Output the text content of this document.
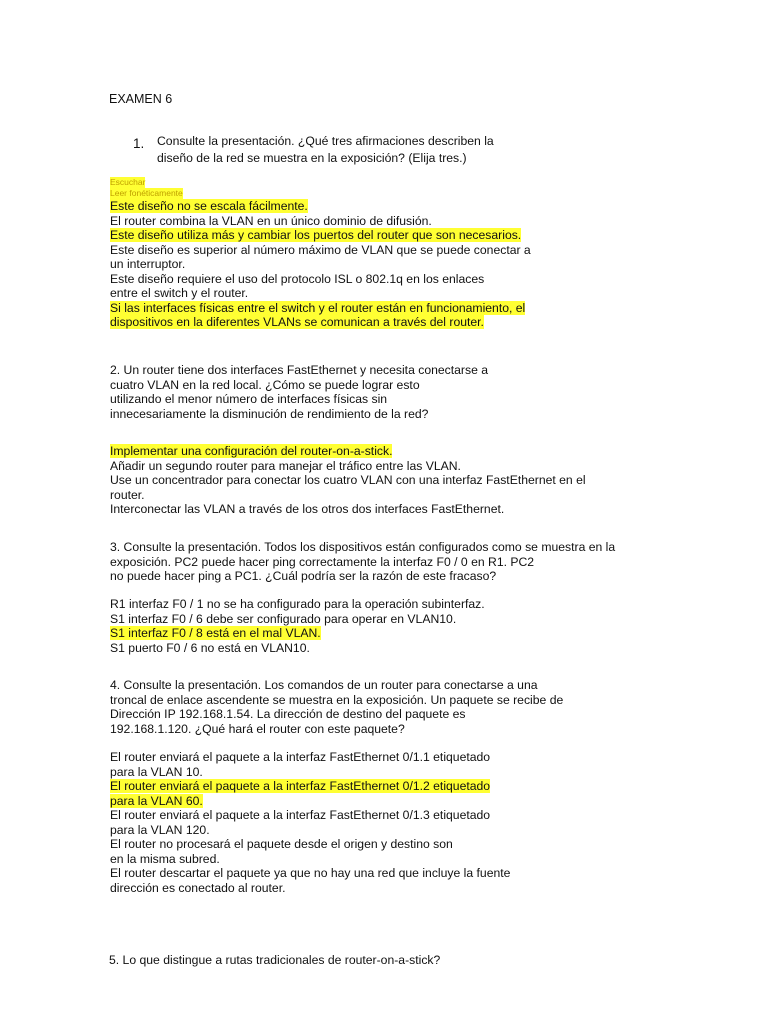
EXAMEN 6
1. Consulte la presentación. ¿Qué tres afirmaciones describen la
diseño de la red se muestra en la exposición? (Elija tres.)
Escuchar
Leer fonéticamente
Este diseño no se escala fácilmente.
El router combina la VLAN en un único dominio de difusión.
Este diseño utiliza más y cambiar los puertos del router que son necesarios.
Este diseño es superior al número máximo de VLAN que se puede conectar a
un interruptor.
Este diseño requiere el uso del protocolo ISL o 802.1q en los enlaces
entre el switch y el router.
Si las interfaces físicas entre el switch y el router están en funcionamiento, el
dispositivos en la diferentes VLANs se comunican a través del router.
2. Un router tiene dos interfaces FastEthernet y necesita conectarse a
cuatro VLAN en la red local. ¿Cómo se puede lograr esto
utilizando el menor número de interfaces físicas sin
innecesariamente la disminución de rendimiento de la red?
Implementar una configuración del router-on-a-stick.
Añadir un segundo router para manejar el tráfico entre las VLAN.
Use un concentrador para conectar los cuatro VLAN con una interfaz FastEthernet en el
router.
Interconectar las VLAN a través de los otros dos interfaces FastEthernet.
3. Consulte la presentación. Todos los dispositivos están configurados como se muestra en la
exposición. PC2 puede hacer ping correctamente la interfaz F0 / 0 en R1. PC2
no puede hacer ping a PC1. ¿Cuál podría ser la razón de este fracaso?
R1 interfaz F0 / 1 no se ha configurado para la operación subinterfaz.
S1 interfaz F0 / 6 debe ser configurado para operar en VLAN10.
S1 interfaz F0 / 8 está en el mal VLAN.
S1 puerto F0 / 6 no está en VLAN10.
4. Consulte la presentación. Los comandos de un router para conectarse a una
troncal de enlace ascendente se muestra en la exposición. Un paquete se recibe de
Dirección IP 192.168.1.54. La dirección de destino del paquete es
192.168.1.120. ¿Qué hará el router con este paquete?
El router enviará el paquete a la interfaz FastEthernet 0/1.1 etiquetado
para la VLAN 10.
El router enviará el paquete a la interfaz FastEthernet 0/1.2 etiquetado
para la VLAN 60.
El router enviará el paquete a la interfaz FastEthernet 0/1.3 etiquetado
para la VLAN 120.
El router no procesará el paquete desde el origen y destino son
en la misma subred.
El router descartar el paquete ya que no hay una red que incluye la fuente
dirección es conectado al router.
5. Lo que distingue a rutas tradicionales de router-on-a-stick?
